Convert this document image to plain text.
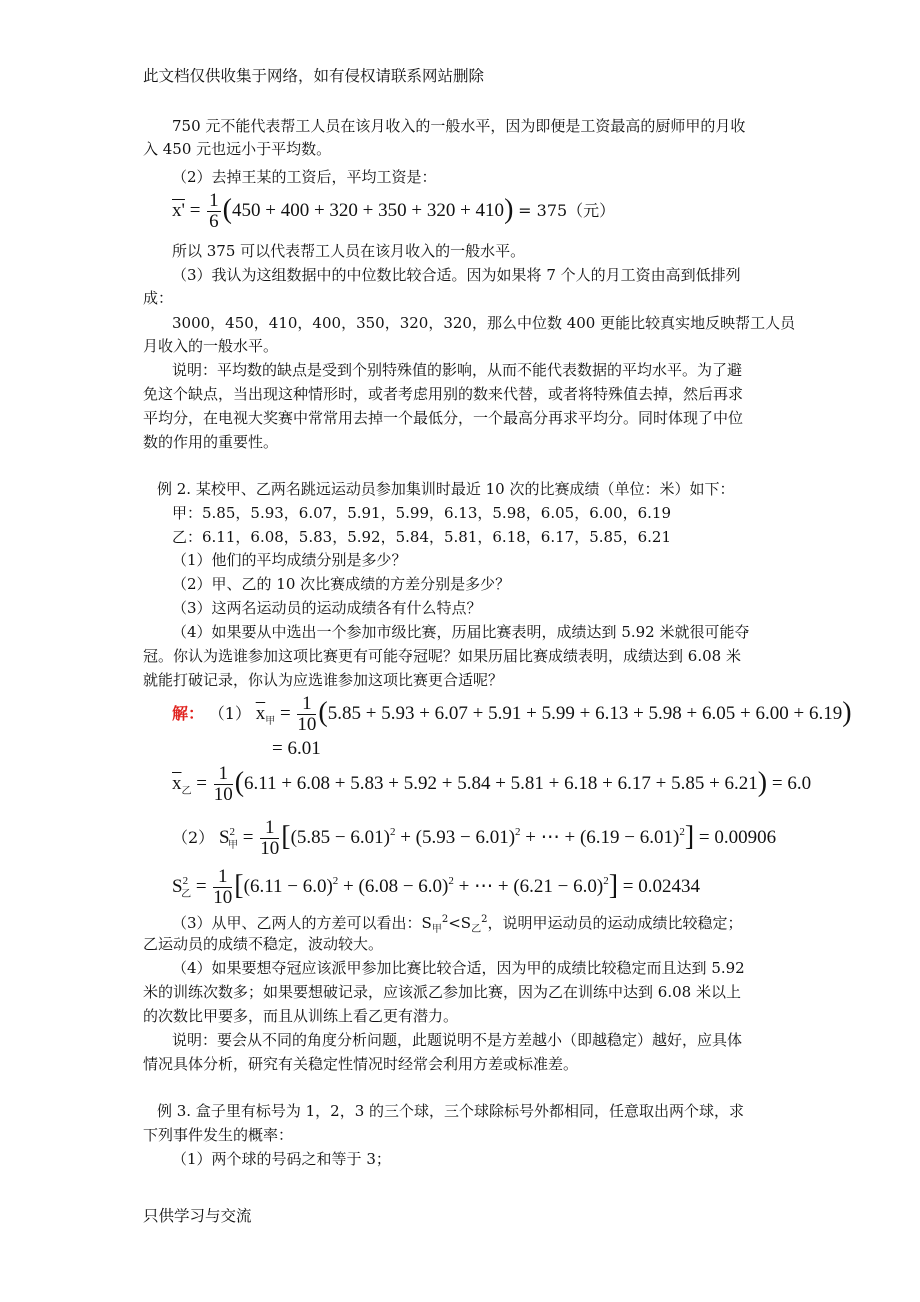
此文档仅供收集于网络，如有侵权请联系网站删除
750 元不能代表帮工人员在该月收入的一般水平，因为即便是工资最高的厨师甲的月收
入 450 元也远小于平均数。
（2）去掉王某的工资后，平均工资是：
$x' = \frac{1}{6} (450 + 400 + 320 + 350 + 320 + 410) = 375$（元）
所以 375 可以代表帮工人员在该月收入的一般水平。
（3）我认为这组数据中的中位数比较合适。因为如果将 7 个人的月工资由高到低排列
成：
3000，450，410，400，350，320，320，那么中位数 400 更能比较真实地反映帮工人员
月收入的一般水平。
说明：平均数的缺点是受到个别特殊值的影响，从而不能代表数据的平均水平。为了避
免这个缺点，当出现这种情形时，或者考虑用别的数来代替，或者将特殊值去掉，然后再求
平均分，在电视大奖赛中常常用去掉一个最低分，一个最高分再求平均分。同时体现了中位
数的作用的重要性。
例 2. 某校甲、乙两名跳远运动员参加集训时最近 10 次的比赛成绩（单位：米）如下：
甲：5.85，5.93，6.07，5.91，5.99，6.13，5.98，6.05，6.00，6.19
乙：6.11，6.08，5.83，5.92，5.84，5.81，6.18，6.17，5.85，6.21
（1）他们的平均成绩分别是多少？
（2）甲、乙的 10 次比赛成绩的方差分别是多少？
（3）这两名运动员的运动成绩各有什么特点？
（4）如果要从中选出一个参加市级比赛，历届比赛表明，成绩达到 5.92 米就很可能夺
冠。你认为选谁参加这项比赛更有可能夺冠呢？如果历届比赛成绩表明，成绩达到 6.08 米
就能打破记录，你认为应选谁参加这项比赛更合适呢？
解： （1） $\overline{x}_甲 = \frac{1}{10} (5.85 + 5.93 + 6.07 + 5.91 + 5.99 + 6.13 + 5.98 + 6.05 + 6.00 + 6.19)$
= 6.01
$\overline{x}_乙 = \frac{1}{10} (6.11 + 6.08 + 5.83 + 5.92 + 5.84 + 5.81 + 6.18 + 6.17 + 5.85 + 6.21) = 6.0$
（2） $S^2_甲 = \frac{1}{10} [(5.85 - 6.01)^2 + (5.93 - 6.01)^2$ + ⋯ + $(6.19 - 6.01)^2] = 0.00906$
$S^2_乙 = \frac{1}{10} [(6.11 - 6.0)^2 + (6.08 - 6.0)^2$ + ⋯ + $(6.21 - 6.0)^2] = 0.02434$
（3）从甲、乙两人的方差可以看出：$S_甲^2<S_乙^2$，说明甲运动员的运动成绩比较稳定；
乙运动员的成绩不稳定，波动较大。
（4）如果要想夺冠应该派甲参加比赛比较合适，因为甲的成绩比较稳定而且达到 5.92
米的训练次数多；如果要想破记录，应该派乙参加比赛，因为乙在训练中达到 6.08 米以上
的次数比甲要多，而且从训练上看乙更有潜力。
说明：要会从不同的角度分析问题，此题说明不是方差越小（即越稳定）越好，应具体
情况具体分析，研究有关稳定性情况时经常会利用方差或标准差。
例 3. 盒子里有标号为 1，2，3 的三个球，三个球除标号外都相同，任意取出两个球，求
下列事件发生的概率：
（1）两个球的号码之和等于 3；
只供学习与交流
